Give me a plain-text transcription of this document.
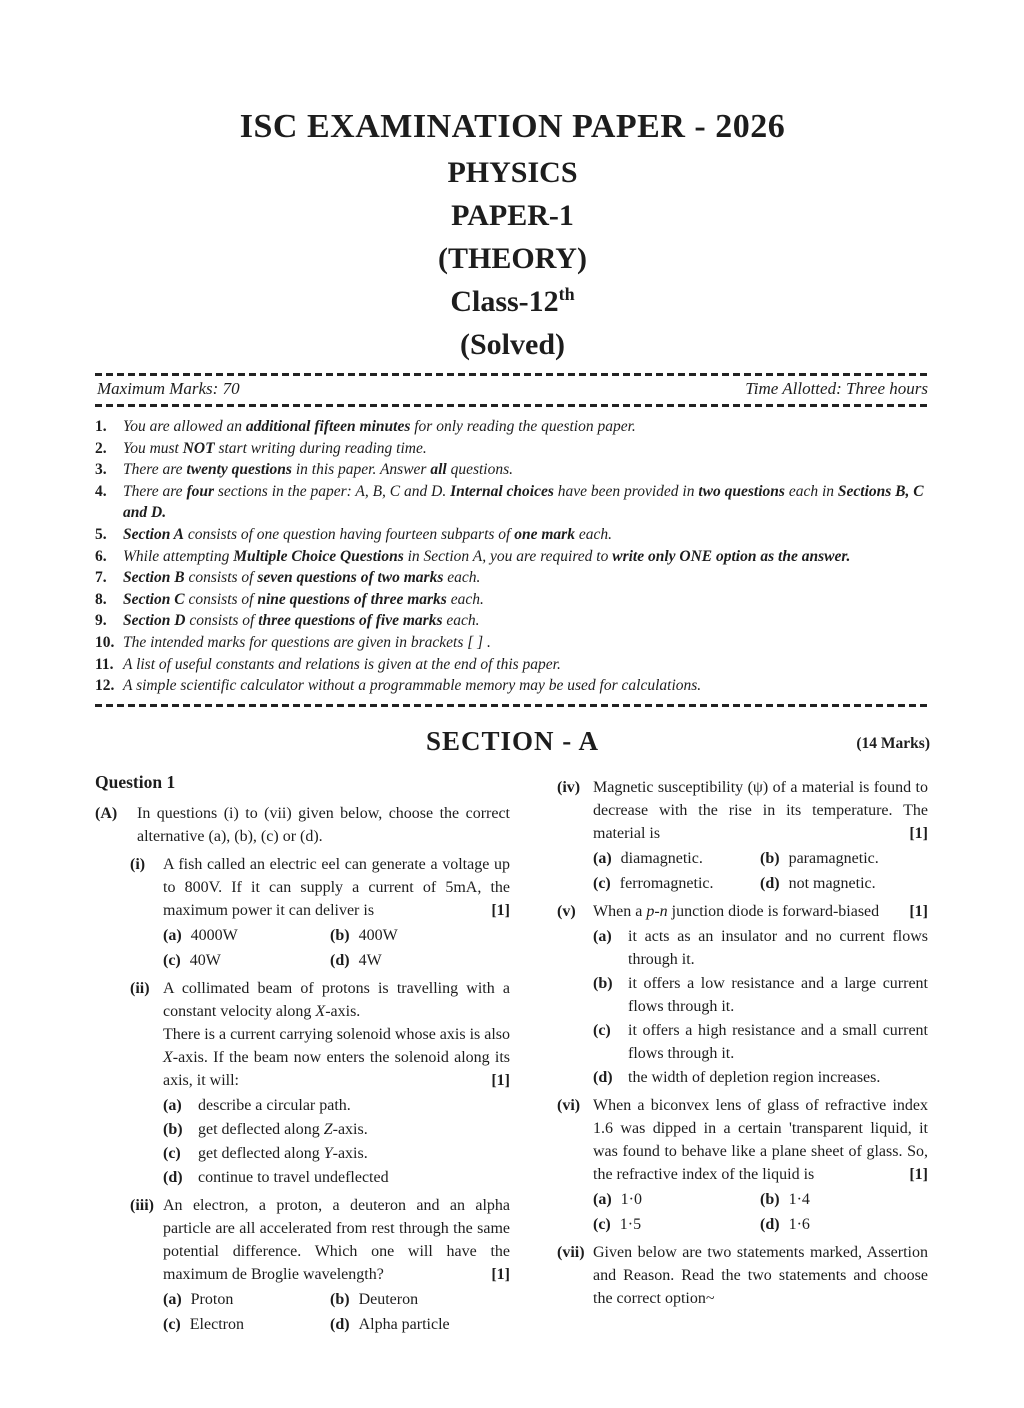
ISC EXAMINATION PAPER - 2026
PHYSICS
PAPER-1
(THEORY)
Class-12th
(Solved)
Maximum Marks: 70	Time Allotted: Three hours
1.	You are allowed an additional fifteen minutes for only reading the question paper.
2.	You must NOT start writing during reading time.
3.	There are twenty questions in this paper. Answer all questions.
4.	There are four sections in the paper: A, B, C and D. Internal choices have been provided in two questions each in Sections B, C and D.
5.	Section A consists of one question having fourteen subparts of one mark each.
6.	While attempting Multiple Choice Questions in Section A, you are required to write only ONE option as the answer.
7.	Section B consists of seven questions of two marks each.
8.	Section C consists of nine questions of three marks each.
9.	Section D consists of three questions of five marks each.
10. The intended marks for questions are given in brackets [ ] .
11. A list of useful constants and relations is given at the end of this paper.
12. A simple scientific calculator without a programmable memory may be used for calculations.
SECTION - A	(14 Marks)
Question 1
(A)	In questions (i) to (vii) given below, choose the correct alternative (a), (b), (c) or (d).
(i)	A fish called an electric eel can generate a voltage up to 800V. If it can supply a current of 5mA, the maximum power it can deliver is	[1]

(a) 4000W	(b) 400W
(c) 40W	(d) 4W
(ii) A collimated beam of protons is travelling with a constant velocity along X-axis.

There is a current carrying solenoid whose axis is also X-axis. If the beam now enters the solenoid along its axis, it will:	[1]

(a)	describe a circular path.
(b) get deflected along Z-axis.
(c)	get deflected along Y-axis.
(d) continue to travel undeflected
(iii) An electron, a proton, a deuteron and an alpha particle are all accelerated from rest through the same potential difference. Which one will have the maximum de Broglie wavelength?	[1]

(a) Proton	(b) Deuteron
(c) Electron	(d) Alpha particle
(iv) Magnetic susceptibility (ψ) of a material is found to decrease with the rise in its temperature. The material is	[1]

(a) diamagnetic.	(b) paramagnetic.
(c) ferromagnetic.	(d) not magnetic.
(v)	When a p-n junction diode is forward-biased [1]

(a)	it acts as an insulator and no current flows through it.
(b) it offers a low resistance and a large current flows through it.
(c)	it offers a high resistance and a small current flows through it.
(d) the width of depletion region increases.
(vi) When a biconvex lens of glass of refractive index 1.6 was dipped in a certain 'transparent liquid, it was found to behave like a plane sheet of glass. So, the refractive index of the liquid is	[1]

(a) 1·0	(b) 1·4
(c) 1·5	(d) 1·6
(vii) Given below are two statements marked, Assertion and Reason. Read the two statements and choose the correct option~
